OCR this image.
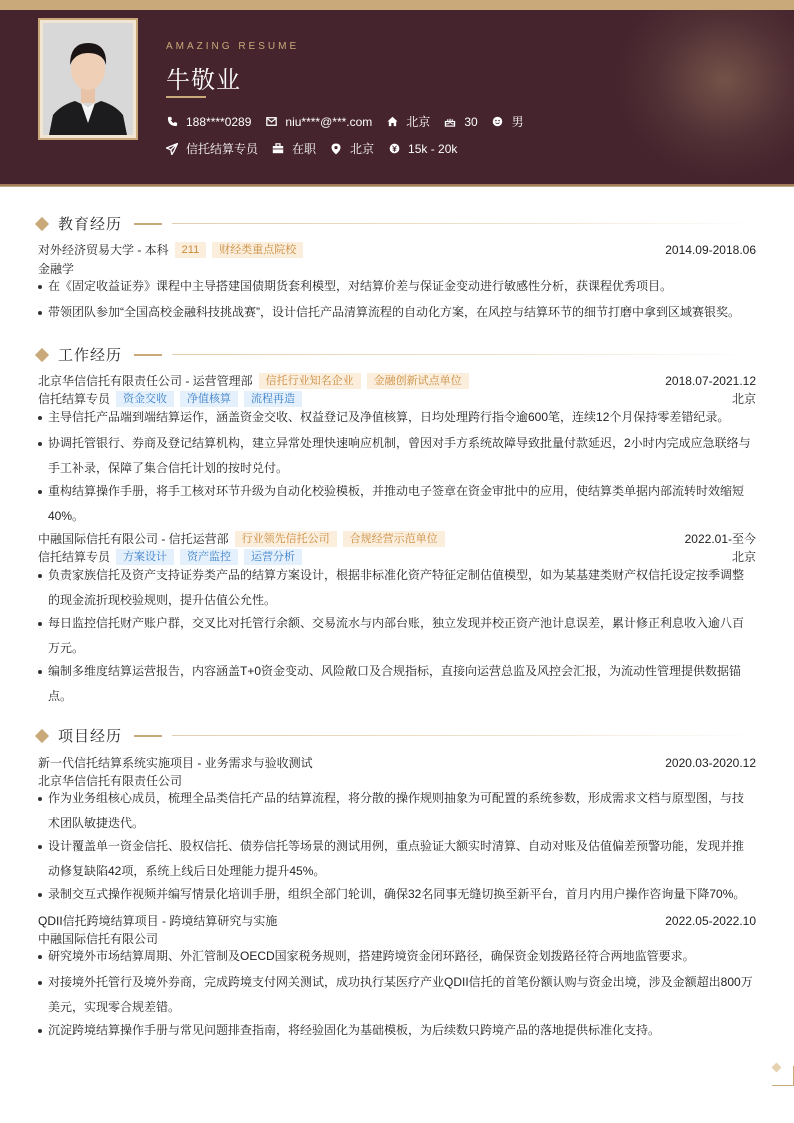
AMAZING RESUME
牛敬业
188****0289	niu****@***.com	北京	30	男
信托结算专员	在职	北京	15k - 20k
教育经历
对外经济贸易大学 - 本科	211	财经类重点院校	2014.09-2018.06
金融学
在《固定收益证券》课程中主导搭建国债期货套利模型，对结算价差与保证金变动进行敏感性分析，获课程优秀项目。
带领团队参加“全国高校金融科技挑战赛”，设计信托产品清算流程的自动化方案，在风控与结算环节的细节打磨中拿到区域赛银奖。
工作经历
北京华信信托有限责任公司 - 运营管理部	信托行业知名企业	金融创新试点单位	2018.07-2021.12
信托结算专员	资金交收	净值核算	流程再造	北京
主导信托产品端到端结算运作，涵盖资金交收、权益登记及净值核算，日均处理跨行指令逾600笔，连续12个月保持零差错纪录。
协调托管银行、券商及登记结算机构，建立异常处理快速响应机制，曾因对手方系统故障导致批量付款延迟，2小时内完成应急联络与
手工补录，保障了集合信托计划的按时兑付。
重构结算操作手册，将手工核对环节升级为自动化校验模板，并推动电子签章在资金审批中的应用，使结算类单据内部流转时效缩短
40%。
中融国际信托有限公司 - 信托运营部	行业领先信托公司	合规经营示范单位	2022.01-至今
信托结算专员	方案设计	资产监控	运营分析	北京
负责家族信托及资产支持证券类产品的结算方案设计，根据非标准化资产特征定制估值模型，如为某基建类财产权信托设定按季调整
的现金流折现校验规则，提升估值公允性。
每日监控信托财产账户群，交叉比对托管行余额、交易流水与内部台账，独立发现并校正资产池计息误差，累计修正利息收入逾八百
万元。
编制多维度结算运营报告，内容涵盖T+0资金变动、风险敞口及合规指标，直接向运营总监及风控会汇报，为流动性管理提供数据锚
点。
项目经历
新一代信托结算系统实施项目 - 业务需求与验收测试	2020.03-2020.12
北京华信信托有限责任公司
作为业务组核心成员，梳理全品类信托产品的结算流程，将分散的操作规则抽象为可配置的系统参数，形成需求文档与原型图，与技
术团队敏捷迭代。
设计覆盖单一资金信托、股权信托、债券信托等场景的测试用例，重点验证大额实时清算、自动对账及估值偏差预警功能，发现并推
动修复缺陷42项，系统上线后日处理能力提升45%。
录制交互式操作视频并编写情景化培训手册，组织全部门轮训，确保32名同事无缝切换至新平台，首月内用户操作咨询量下降70%。
QDII信托跨境结算项目 - 跨境结算研究与实施	2022.05-2022.10
中融国际信托有限公司
研究境外市场结算周期、外汇管制及OECD国家税务规则，搭建跨境资金闭环路径，确保资金划拨路径符合两地监管要求。
对接境外托管行及境外券商，完成跨境支付网关测试，成功执行某医疗产业QDII信托的首笔份额认购与资金出境，涉及金额超出800万
美元，实现零合规差错。
沉淀跨境结算操作手册与常见问题排查指南，将经验固化为基础模板，为后续数只跨境产品的落地提供标准化支持。
